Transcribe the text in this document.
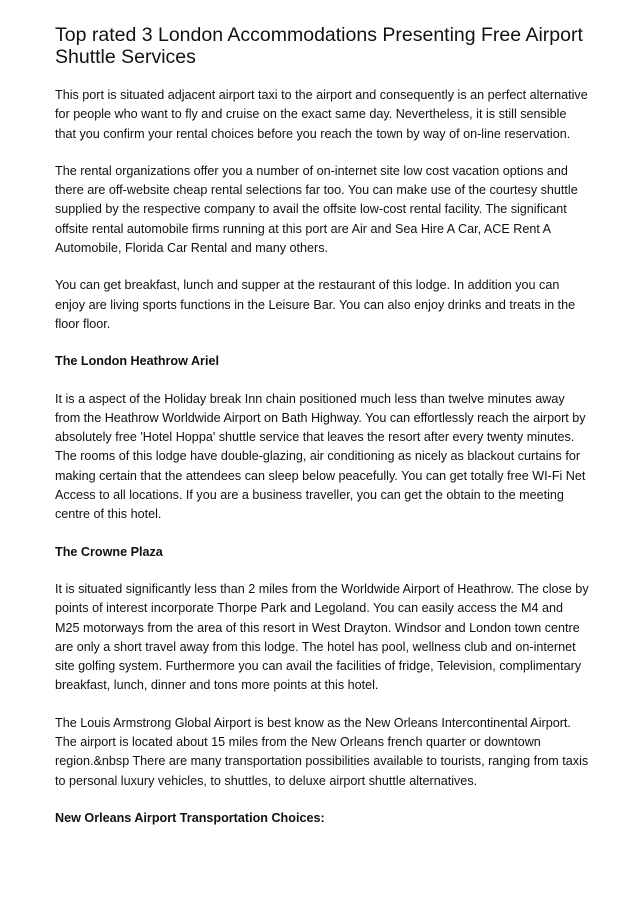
Top rated 3 London Accommodations Presenting Free Airport Shuttle Services

This port is situated adjacent airport taxi to the airport and consequently is an perfect alternative for people who want to fly and cruise on the exact same day. Nevertheless, it is still sensible that you confirm your rental choices before you reach the town by way of on-line reservation.

The rental organizations offer you a number of on-internet site low cost vacation options and there are off-website cheap rental selections far too. You can make use of the courtesy shuttle supplied by the respective company to avail the offsite low-cost rental facility. The significant offsite rental automobile firms running at this port are Air and Sea Hire A Car, ACE Rent A Automobile, Florida Car Rental and many others.

You can get breakfast, lunch and supper at the restaurant of this lodge. In addition you can enjoy are living sports functions in the Leisure Bar. You can also enjoy drinks and treats in the floor floor.

The London Heathrow Ariel

It is a aspect of the Holiday break Inn chain positioned much less than twelve minutes away from the Heathrow Worldwide Airport on Bath Highway. You can effortlessly reach the airport by absolutely free 'Hotel Hoppa' shuttle service that leaves the resort after every twenty minutes. The rooms of this lodge have double-glazing, air conditioning as nicely as blackout curtains for making certain that the attendees can sleep below peacefully. You can get totally free WI-Fi Net Access to all locations. If you are a business traveller, you can get the obtain to the meeting centre of this hotel.

The Crowne Plaza

It is situated significantly less than 2 miles from the Worldwide Airport of Heathrow. The close by points of interest incorporate Thorpe Park and Legoland. You can easily access the M4 and M25 motorways from the area of this resort in West Drayton. Windsor and London town centre are only a short travel away from this lodge. The hotel has pool, wellness club and on-internet site golfing system. Furthermore you can avail the facilities of fridge, Television, complimentary breakfast, lunch, dinner and tons more points at this hotel.

The Louis Armstrong Global Airport is best know as the New Orleans Intercontinental Airport. The airport is located about 15 miles from the New Orleans french quarter or downtown region.&nbsp There are many transportation possibilities available to tourists, ranging from taxis to personal luxury vehicles, to shuttles, to deluxe airport shuttle alternatives.

New Orleans Airport Transportation Choices:
